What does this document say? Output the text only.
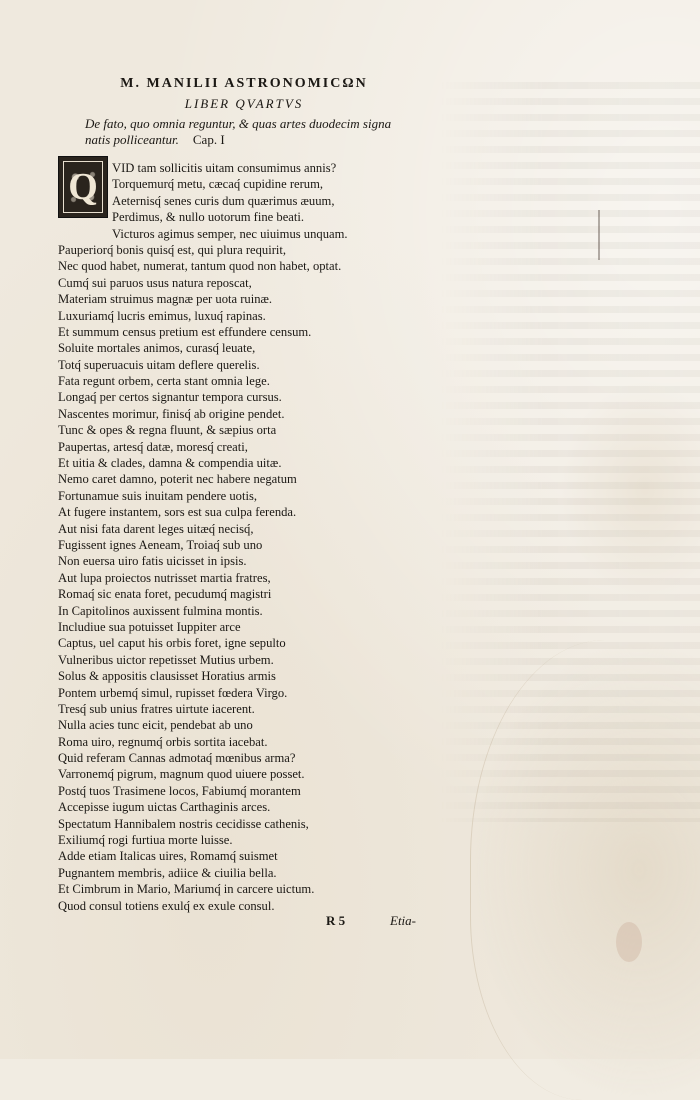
M. MANILII ASTRONOMICΩN
LIBER QVARTVS
De fato, quo omnia reguntur, & quas artes duodecim signa natis polliceantur. Cap. I
Q	VID tam sollicitis uitam consumimus annis?
Torquemurq́ metu, cæcaq́ cupidine rerum,
Aeternisq́ senes curis dum quærimus æuum,
Perdimus, & nullo uotorum fine beati.
Victuros agimus semper, nec uiuimus unquam.
Pauperiorq́ bonis quisq́ est, qui plura requirit,
Nec quod habet, numerat, tantum quod non habet, optat.
Cumq́ sui paruos usus natura reposcat,
Materiam struimus magnæ per uota ruinæ.
Luxuriamq́ lucris emimus, luxuq́ rapinas.
Et summum census pretium est effundere censum.
Soluite mortales animos, curasq́ leuate,
Totq́ superuacuis uitam deflere querelis.
Fata regunt orbem, certa stant omnia lege.
Longaq́ per certos signantur tempora cursus.
Nascentes morimur, finisq́ ab origine pendet.
Tunc & opes & regna fluunt, & sæpius orta
Paupertas, artesq́ datæ, moresq́ creati,
Et uitia & clades, damna & compendia uitæ.
Nemo caret damno, poterit nec habere negatum
Fortunamue suis inuitam pendere uotis,
At fugere instantem, sors est sua culpa ferenda.
Aut nisi fata darent leges uitæq́ necisq́,
Fugissent ignes Aeneam, Troiaq́ sub uno
Non euersa uiro fatis uicisset in ipsis.
Aut lupa proiectos nutrisset martia fratres,
Romaq́ sic enata foret, pecudumq́ magistri
In Capitolinos auxissent fulmina montis.
Includiue sua potuisset Iuppiter arce
Captus, uel caput his orbis foret, igne sepulto
Vulneribus uictor repetisset Mutius urbem.
Solus & appositis clausisset Horatius armis
Pontem urbemq́ simul, rupisset fœdera Virgo.
Tresq́ sub unius fratres uirtute iacerent.
Nulla acies tunc eicit, pendebat ab uno
Roma uiro, regnumq́ orbis sortita iacebat.
Quid referam Cannas admotaq́ mœnibus arma?
Varronemq́ pigrum, magnum quod uiuere posset.
Postq́ tuos Trasimene locos, Fabiumq́ morantem
Accepisse iugum uictas Carthaginis arces.
Spectatum Hannibalem nostris cecidisse cathenis,
Exiliumq́ rogi furtiua morte luisse.
Adde etiam Italicas uires, Romamq́ suismet
Pugnantem membris, adiice & ciuilia bella.
Et Cimbrum in Mario, Mariumq́ in carcere uictum.
Quod consul totiens exulq́ ex exule consul.
R 5	Etia-
